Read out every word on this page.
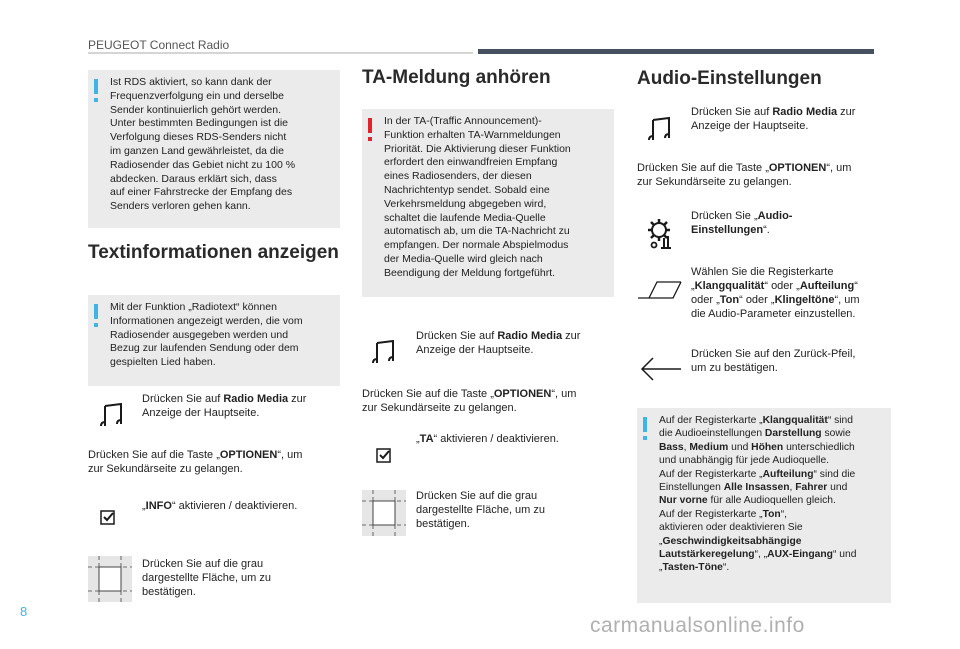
PEUGEOT Connect Radio
Ist RDS aktiviert, so kann dank der
Frequenzverfolgung ein und derselbe
Sender kontinuierlich gehört werden.
Unter bestimmten Bedingungen ist die
Verfolgung dieses RDS-Senders nicht
im ganzen Land gewährleistet, da die
Radiosender das Gebiet nicht zu 100 %
abdecken. Daraus erklärt sich, dass
auf einer Fahrstrecke der Empfang des
Senders verloren gehen kann.
Textinformationen anzeigen
Mit der Funktion „Radiotext“ können
Informationen angezeigt werden, die vom
Radiosender ausgegeben werden und
Bezug zur laufenden Sendung oder dem
gespielten Lied haben.
Drücken Sie auf Radio Media zur
Anzeige der Hauptseite.
Drücken Sie auf die Taste „OPTIONEN“, um
zur Sekundärseite zu gelangen.
„INFO“ aktivieren / deaktivieren.
Drücken Sie auf die grau
dargestellte Fläche, um zu
bestätigen.
TA-Meldung anhören
In der TA-(Traffic Announcement)-
Funktion erhalten TA-Warnmeldungen
Priorität. Die Aktivierung dieser Funktion
erfordert den einwandfreien Empfang
eines Radiosenders, der diesen
Nachrichtentyp sendet. Sobald eine
Verkehrsmeldung abgegeben wird,
schaltet die laufende Media-Quelle
automatisch ab, um die TA-Nachricht zu
empfangen. Der normale Abspielmodus
der Media-Quelle wird gleich nach
Beendigung der Meldung fortgeführt.
Drücken Sie auf Radio Media zur
Anzeige der Hauptseite.
Drücken Sie auf die Taste „OPTIONEN“, um
zur Sekundärseite zu gelangen.
„TA“ aktivieren / deaktivieren.
Drücken Sie auf die grau
dargestellte Fläche, um zu
bestätigen.
Audio-Einstellungen
Drücken Sie auf Radio Media zur
Anzeige der Hauptseite.
Drücken Sie auf die Taste „OPTIONEN“, um
zur Sekundärseite zu gelangen.
Drücken Sie „Audio-
Einstellungen“.
Wählen Sie die Registerkarte
„Klangqualität“ oder „Aufteilung“
oder „Ton“ oder „Klingeltöne“, um
die Audio-Parameter einzustellen.
Drücken Sie auf den Zurück-Pfeil,
um zu bestätigen.
Auf der Registerkarte „Klangqualität“ sind
die Audioeinstellungen Darstellung sowie
Bass, Medium und Höhen unterschiedlich
und unabhängig für jede Audioquelle.
Auf der Registerkarte „Aufteilung“ sind die
Einstellungen Alle Insassen, Fahrer und
Nur vorne für alle Audioquellen gleich.
Auf der Registerkarte „Ton“,
aktivieren oder deaktivieren Sie
„Geschwindigkeitsabhängige
Lautstärkeregelung“, „AUX-Eingang“ und
„Tasten-Töne“.
8
carmanualsonline.info
